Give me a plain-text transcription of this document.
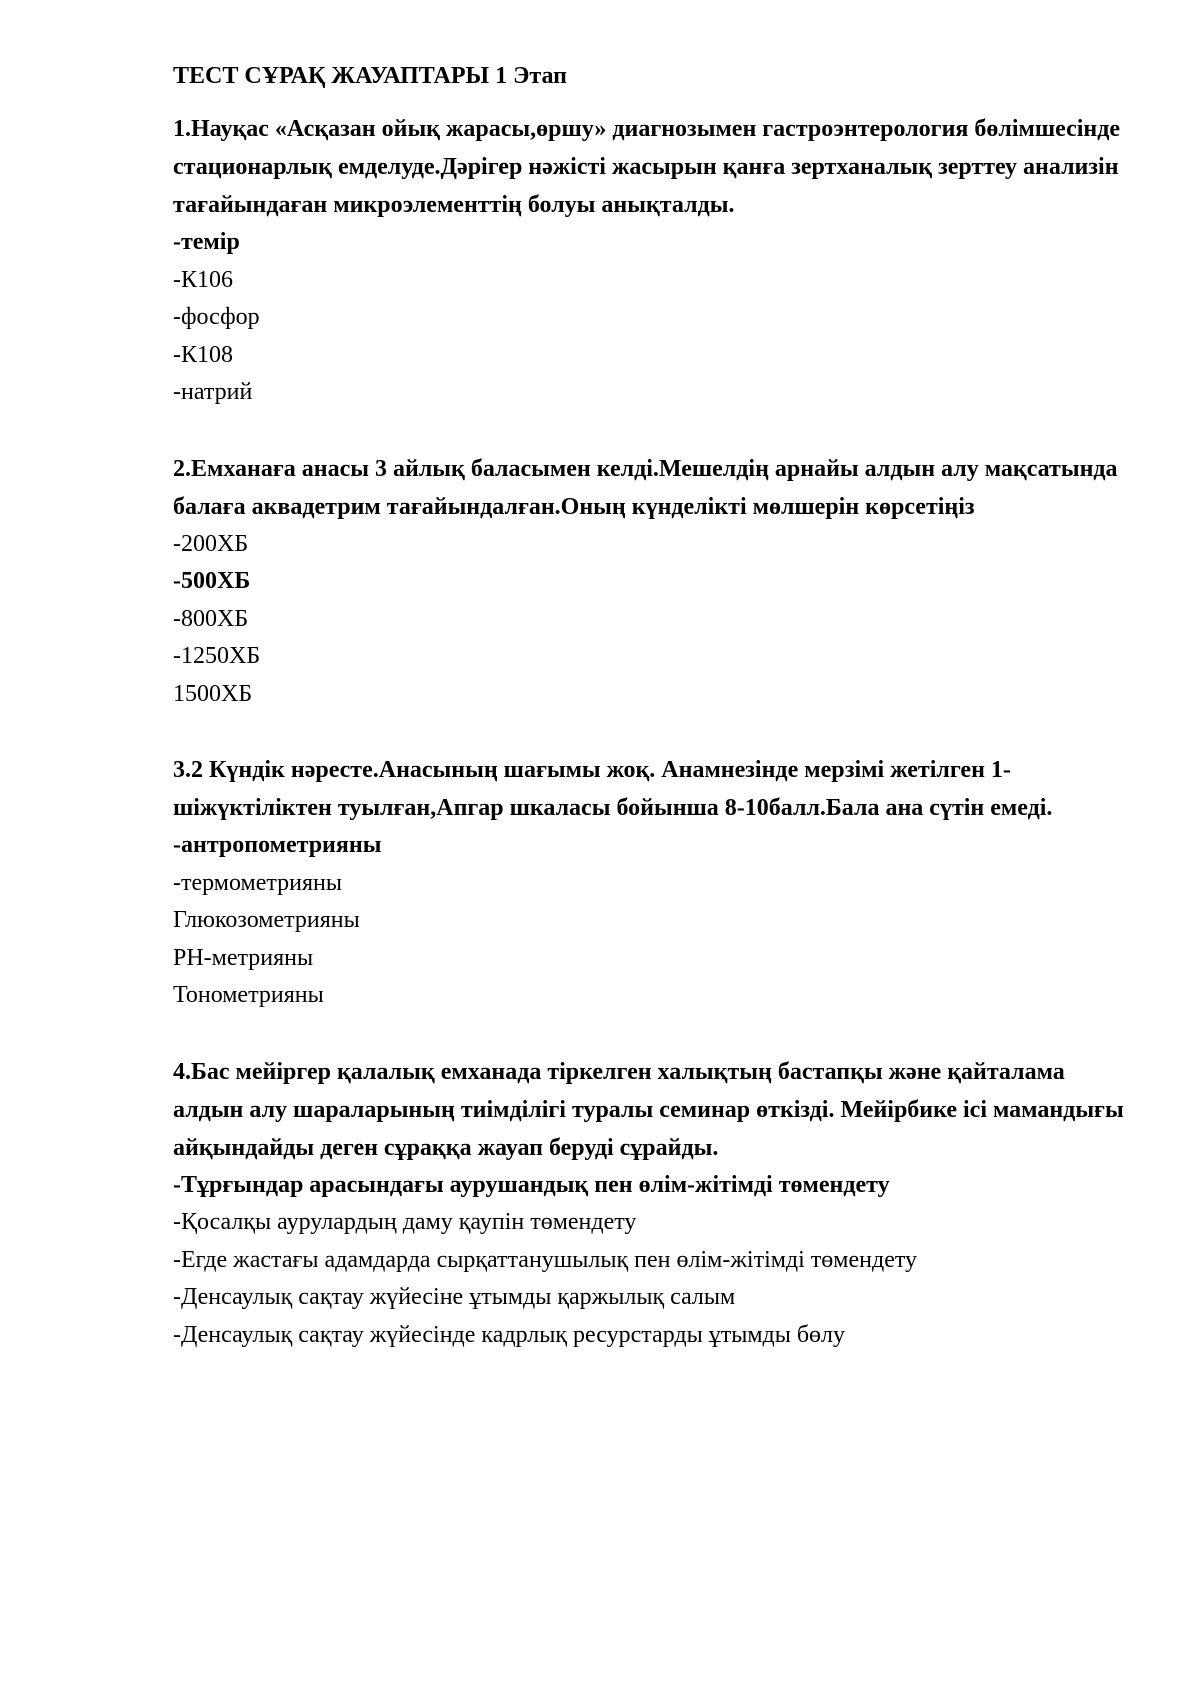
ТЕСТ СҰРАҚ ЖАУАПТАРЫ 1 Этап
1.Науқас «Асқазан ойық жарасы,өршу» диагнозымен гастроэнтерология бөлімшесінде стационарлық емделуде.Дәрігер нәжісті жасырын қанға зертханалық зерттеу анализін тағайындаған микроэлементтің болуы анықталды.
-темір
-К106
-фосфор
-К108
-натрий
2.Емханаға анасы 3 айлық баласымен келді.Мешелдің арнайы алдын алу мақсатында балаға аквадетрим тағайындалған.Оның күнделікті мөлшерін көрсетіңіз
-200ХБ
-500ХБ
-800ХБ
-1250ХБ
1500ХБ
3.2 Күндік нәресте.Анасының шағымы жоқ. Анамнезінде мерзімі жетілген 1-шіжүктіліктен туылған,Апгар шкаласы бойынша 8-10балл.Бала ана сүтін емеді.
-антропометрияны
-термометрияны
Глюкозометрияны
РН-метрияны
Тонометрияны
4.Бас мейіргер қалалық емханада тіркелген халықтың бастапқы және қайталама алдын алу шараларының тиімділігі туралы семинар өткізді. Мейірбике ісі мамандығы айқындайды деген сұраққа жауап беруді сұрайды.
-Тұрғындар арасындағы аурушандық пен өлім-жітімді төмендету
-Қосалқы аурулардың даму қаупін төмендету
-Егде жастағы адамдарда сырқаттанушылық пен өлім-жітімді төмендету
-Денсаулық сақтау жүйесіне ұтымды қаржылық салым
-Денсаулық сақтау жүйесінде кадрлық ресурстарды ұтымды бөлу
